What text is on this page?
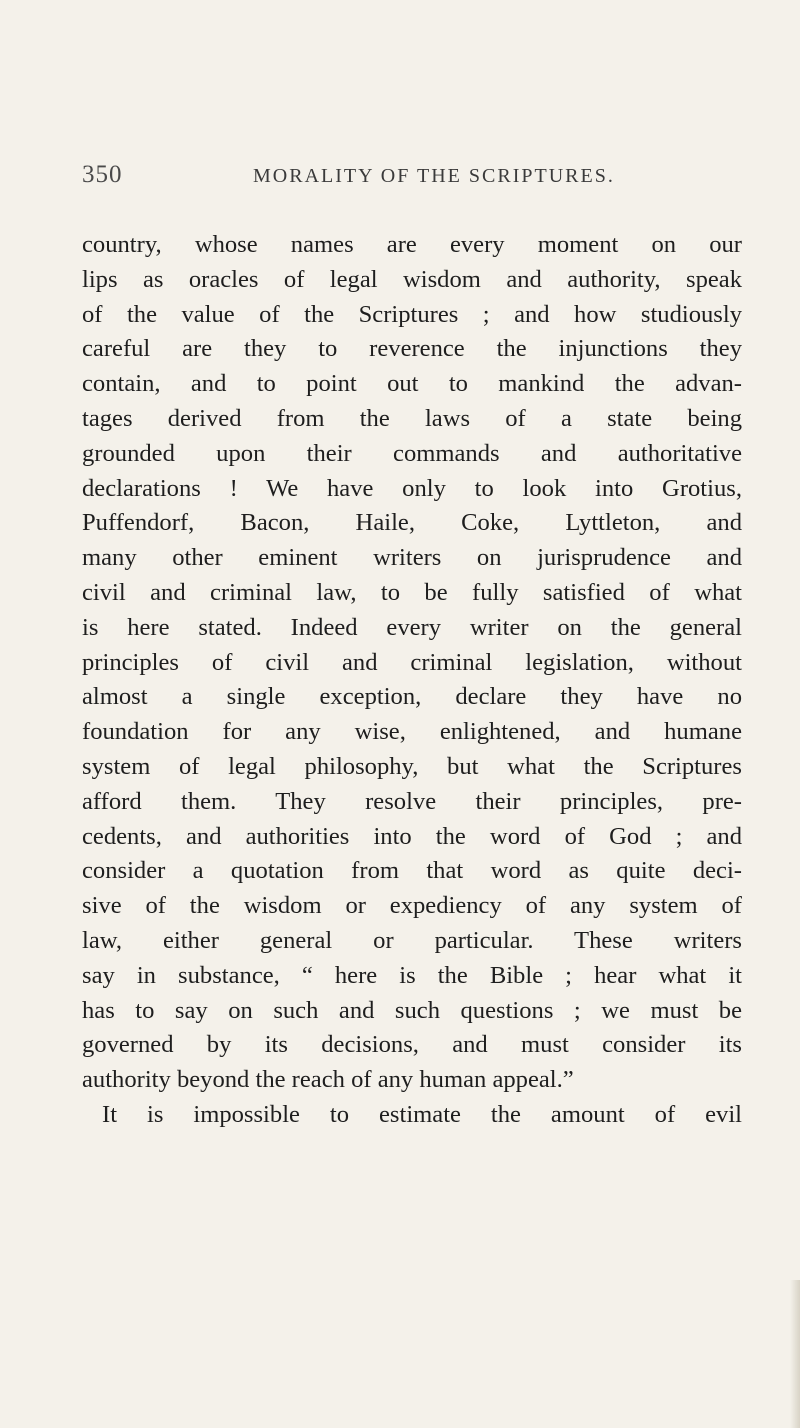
350	MORALITY OF THE SCRIPTURES.
country, whose names are every moment on our
lips as oracles of legal wisdom and authority, speak
of the value of the Scriptures ; and how studiously
careful are they to reverence the injunctions they
contain, and to point out to mankind the advan-
tages derived from the laws of a state being
grounded upon their commands and authoritative
declarations ! We have only to look into Grotius,
Puffendorf, Bacon, Haile, Coke, Lyttleton, and
many other eminent writers on jurisprudence and
civil and criminal law, to be fully satisfied of what
is here stated. Indeed every writer on the general
principles of civil and criminal legislation, without
almost a single exception, declare they have no
foundation for any wise, enlightened, and humane
system of legal philosophy, but what the Scriptures
afford them. They resolve their principles, pre-
cedents, and authorities into the word of God ; and
consider a quotation from that word as quite deci-
sive of the wisdom or expediency of any system of
law, either general or particular. These writers
say in substance, “ here is the Bible ; hear what it
has to say on such and such questions ; we must be
governed by its decisions, and must consider its
authority beyond the reach of any human appeal.”
It is impossible to estimate the amount of evil
